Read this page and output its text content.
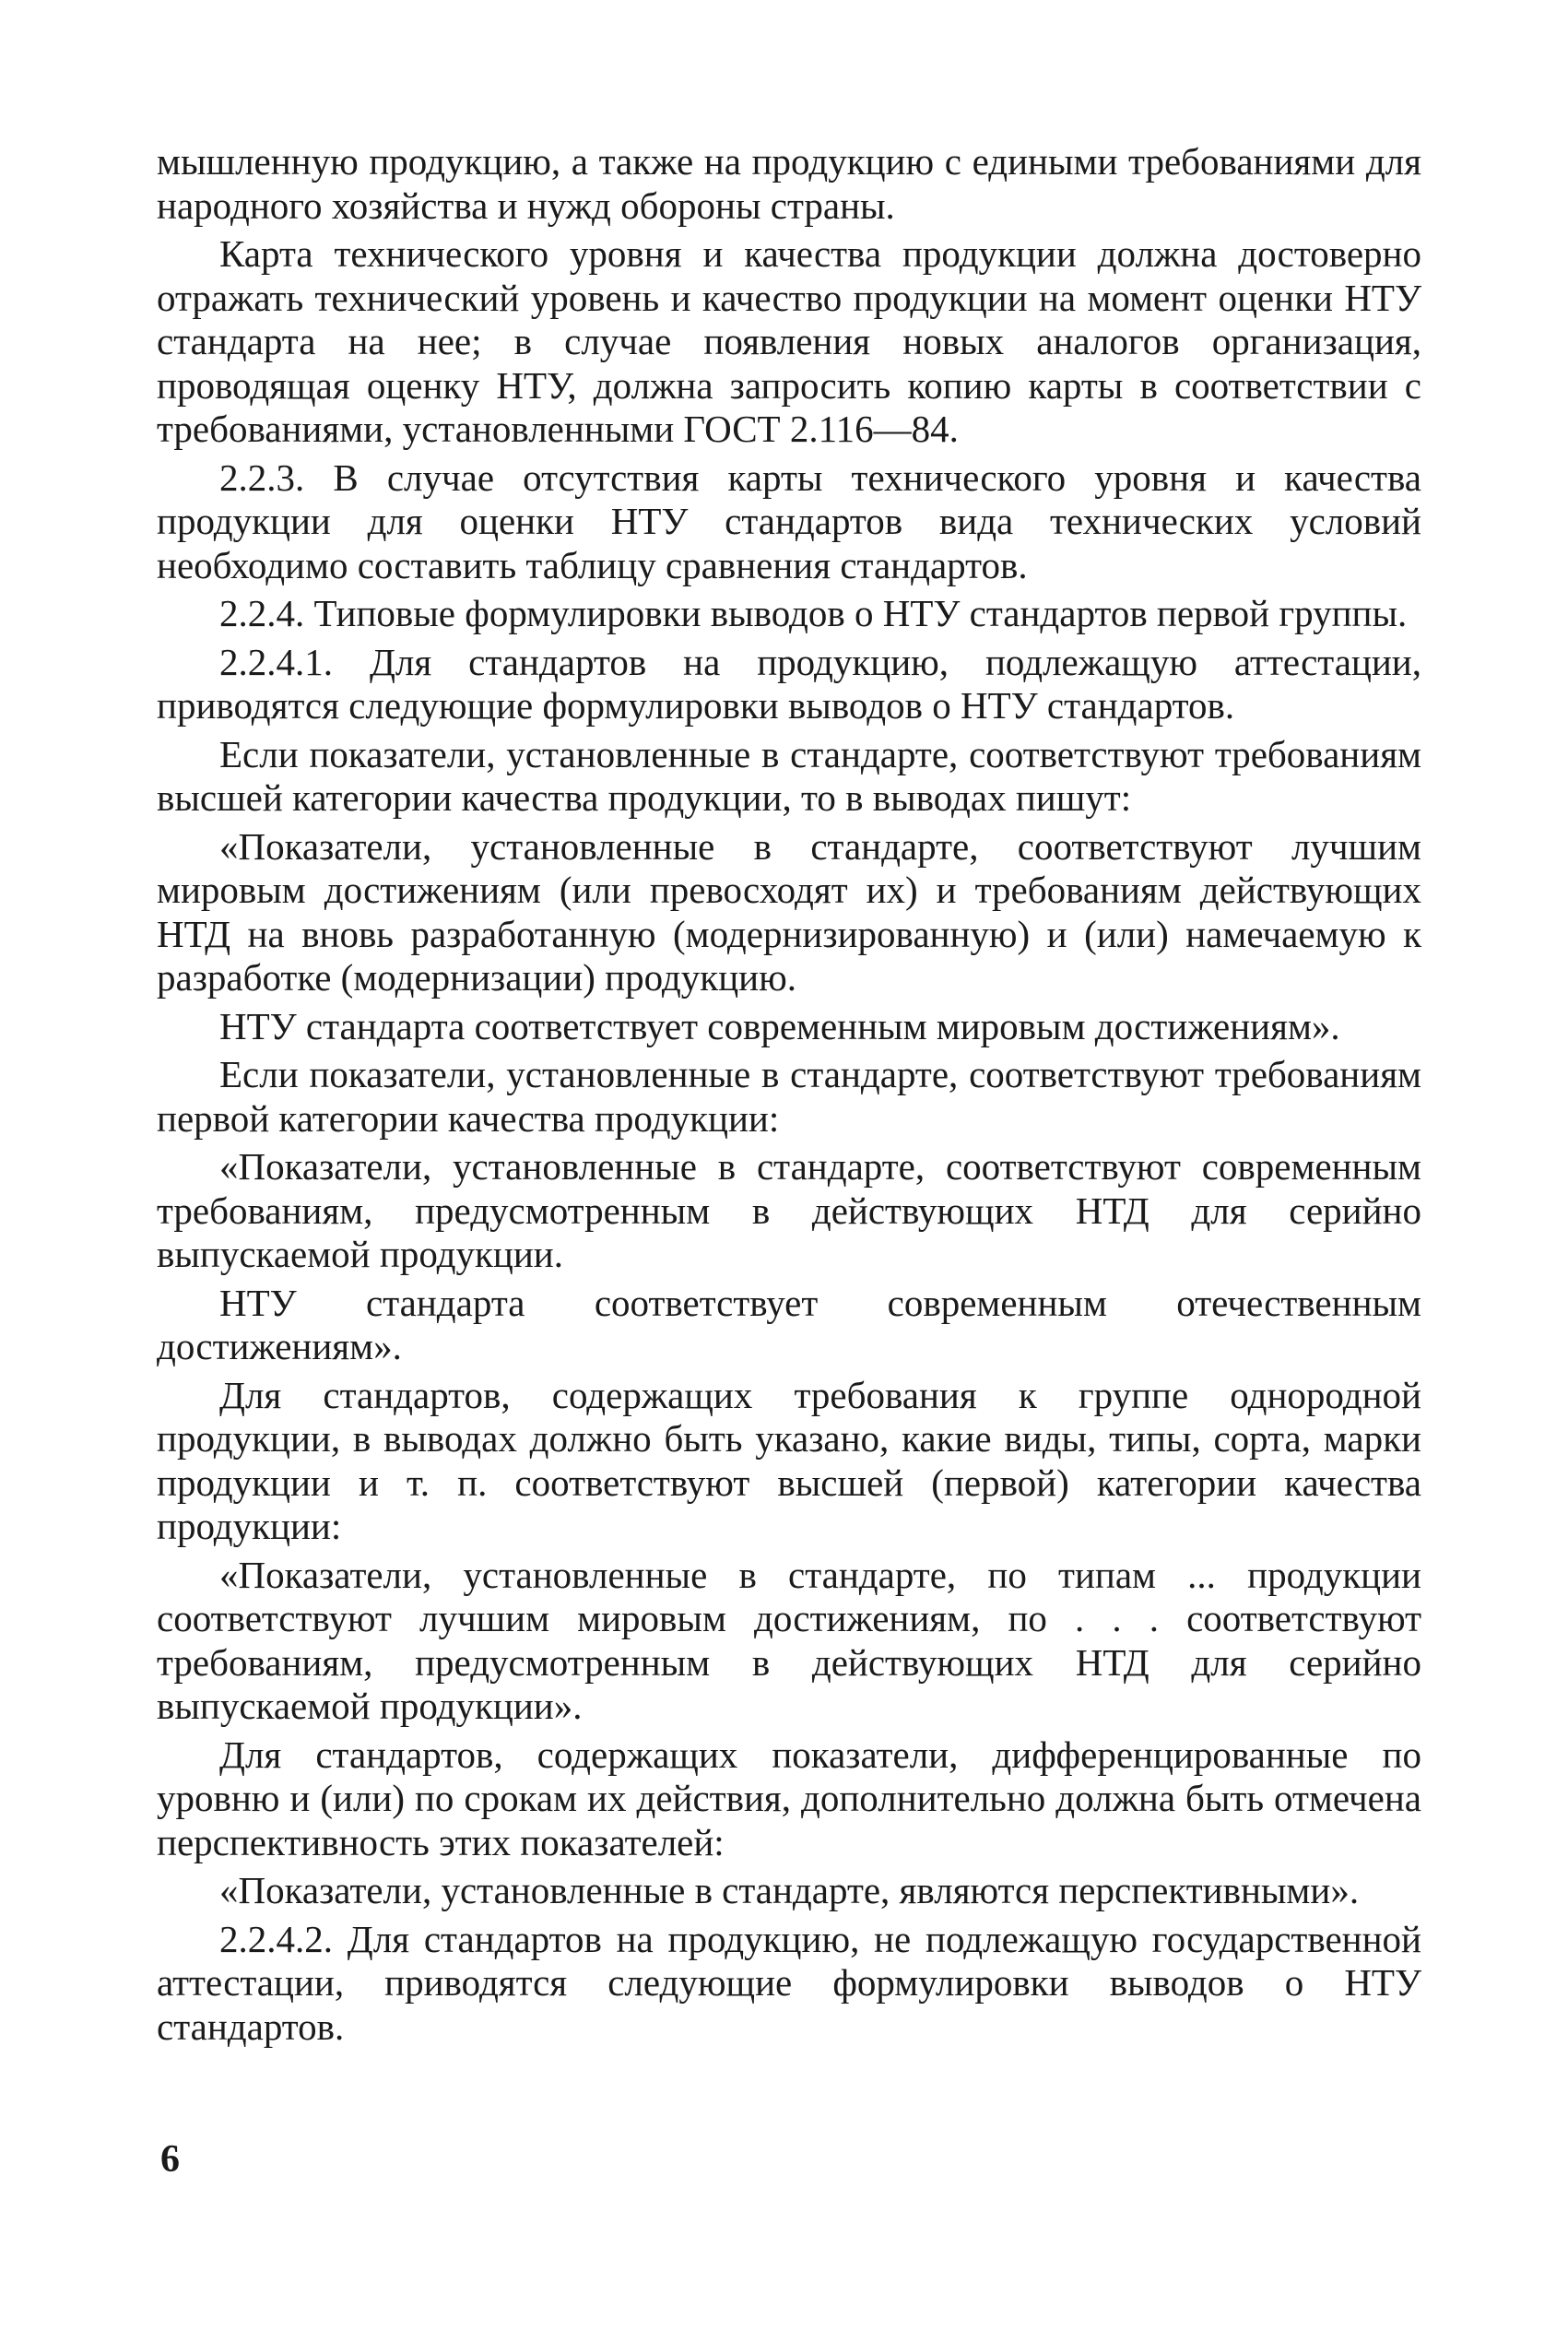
мышленную продукцию, а также на продукцию с едиными требованиями для народного хозяйства и нужд обороны страны.

Карта технического уровня и качества продукции должна достоверно отражать технический уровень и качество продукции на момент оценки НТУ стандарта на нее; в случае появления новых аналогов организация, проводящая оценку НТУ, должна запросить копию карты в соответствии с требованиями, установленными ГОСТ 2.116—84.

2.2.3. В случае отсутствия карты технического уровня и качества продукции для оценки НТУ стандартов вида технических условий необходимо составить таблицу сравнения стандартов.

2.2.4. Типовые формулировки выводов о НТУ стандартов первой группы.

2.2.4.1. Для стандартов на продукцию, подлежащую аттестации, приводятся следующие формулировки выводов о НТУ стандартов.

Если показатели, установленные в стандарте, соответствуют требованиям высшей категории качества продукции, то в выводах пишут:

«Показатели, установленные в стандарте, соответствуют лучшим мировым достижениям (или превосходят их) и требованиям действующих НТД на вновь разработанную (модернизированную) и (или) намечаемую к разработке (модернизации) продукцию.

НТУ стандарта соответствует современным мировым достижениям».

Если показатели, установленные в стандарте, соответствуют требованиям первой категории качества продукции:

«Показатели, установленные в стандарте, соответствуют современным требованиям, предусмотренным в действующих НТД для серийно выпускаемой продукции.

НТУ стандарта соответствует современным отечественным достижениям».

Для стандартов, содержащих требования к группе однородной продукции, в выводах должно быть указано, какие виды, типы, сорта, марки продукции и т. п. соответствуют высшей (первой) категории качества продукции:

«Показатели, установленные в стандарте, по типам ... продукции соответствуют лучшим мировым достижениям, по . . . соответствуют требованиям, предусмотренным в действующих НТД для серийно выпускаемой продукции».

Для стандартов, содержащих показатели, дифференцированные по уровню и (или) по срокам их действия, дополнительно должна быть отмечена перспективность этих показателей:

«Показатели, установленные в стандарте, являются перспективными».

2.2.4.2. Для стандартов на продукцию, не подлежащую государственной аттестации, приводятся следующие формулировки выводов о НТУ стандартов.

6
